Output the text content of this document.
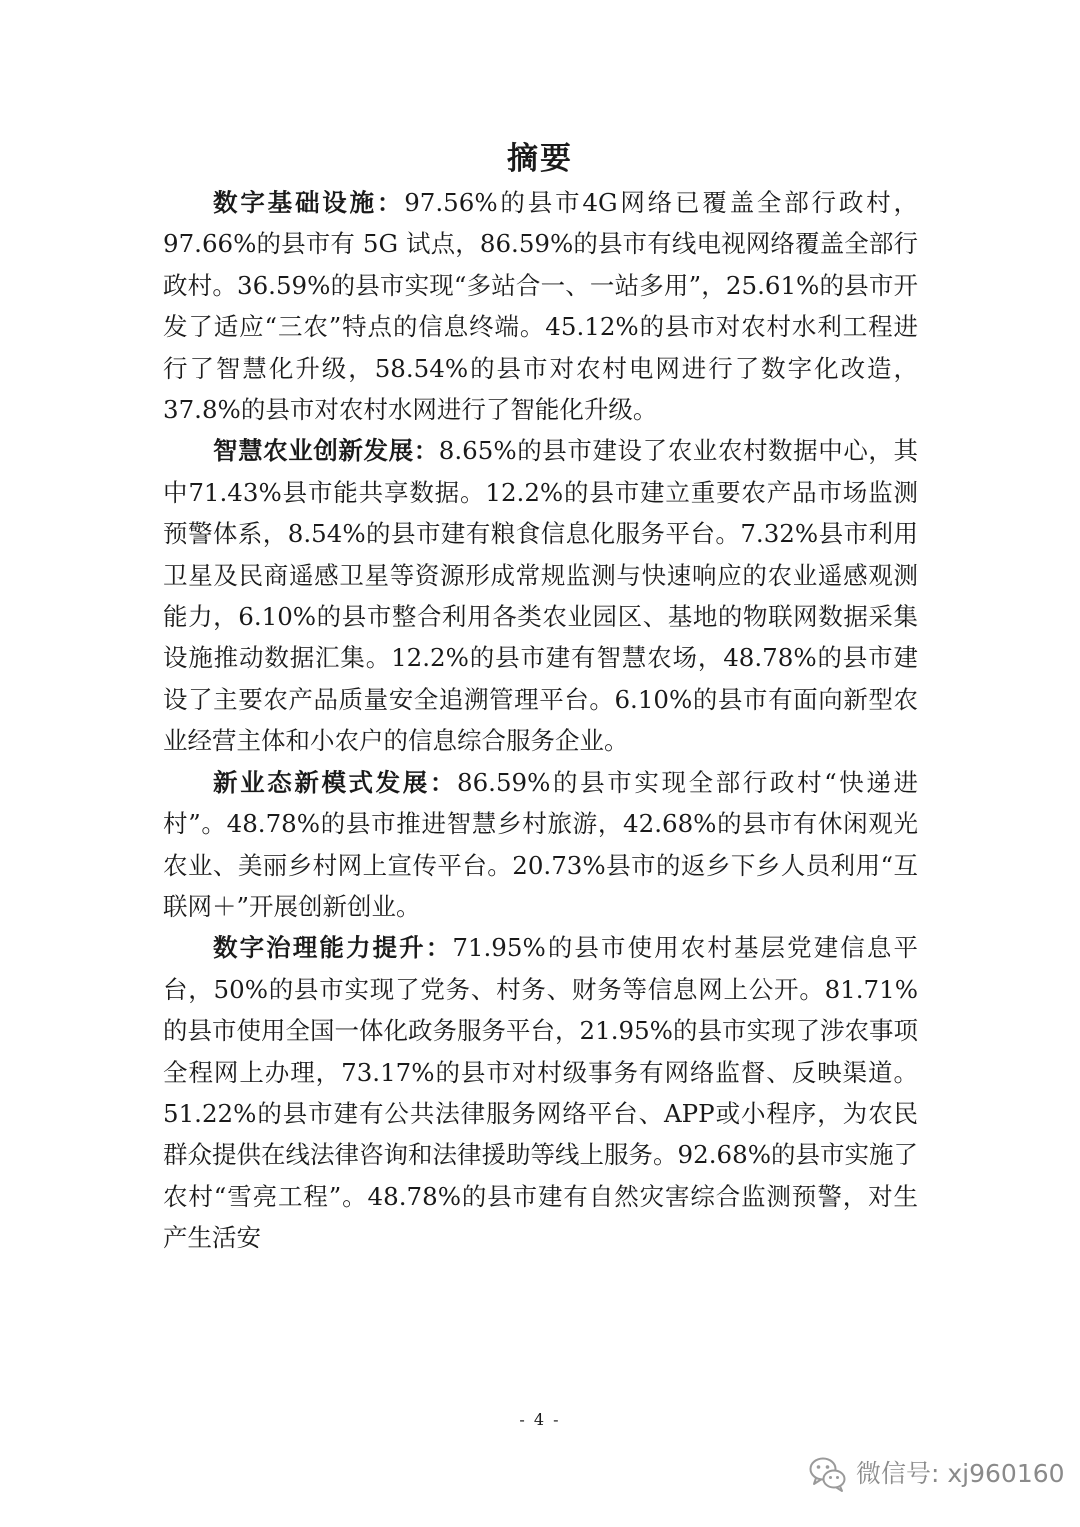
摘要

数字基础设施：97.56%的县市4G网络已覆盖全部行政村，97.66%的县市有 5G 试点，86.59%的县市有线电视网络覆盖全部行政村。36.59%的县市实现“多站合一、一站多用”，25.61%的县市开发了适应“三农”特点的信息终端。45.12%的县市对农村水利工程进行了智慧化升级，58.54%的县市对农村电网进行了数字化改造，37.8%的县市对农村水网进行了智能化升级。

智慧农业创新发展：8.65%的县市建设了农业农村数据中心，其中71.43%县市能共享数据。12.2%的县市建立重要农产品市场监测预警体系，8.54%的县市建有粮食信息化服务平台。7.32%县市利用卫星及民商遥感卫星等资源形成常规监测与快速响应的农业遥感观测能力，6.10%的县市整合利用各类农业园区、基地的物联网数据采集设施推动数据汇集。12.2%的县市建有智慧农场，48.78%的县市建设了主要农产品质量安全追溯管理平台。6.10%的县市有面向新型农业经营主体和小农户的信息综合服务企业。

新业态新模式发展：86.59%的县市实现全部行政村“快递进村”。48.78%的县市推进智慧乡村旅游，42.68%的县市有休闲观光农业、美丽乡村网上宣传平台。20.73%县市的返乡下乡人员利用“互联网＋”开展创新创业。

数字治理能力提升：71.95%的县市使用农村基层党建信息平台，50%的县市实现了党务、村务、财务等信息网上公开。81.71%的县市使用全国一体化政务服务平台，21.95%的县市实现了涉农事项全程网上办理，73.17%的县市对村级事务有网络监督、反映渠道。51.22%的县市建有公共法律服务网络平台、APP或小程序，为农民群众提供在线法律咨询和法律援助等线上服务。92.68%的县市实施了农村“雪亮工程”。48.78%的县市建有自然灾害综合监测预警，对生产生活安

- 4 -
微信号: xj960160
